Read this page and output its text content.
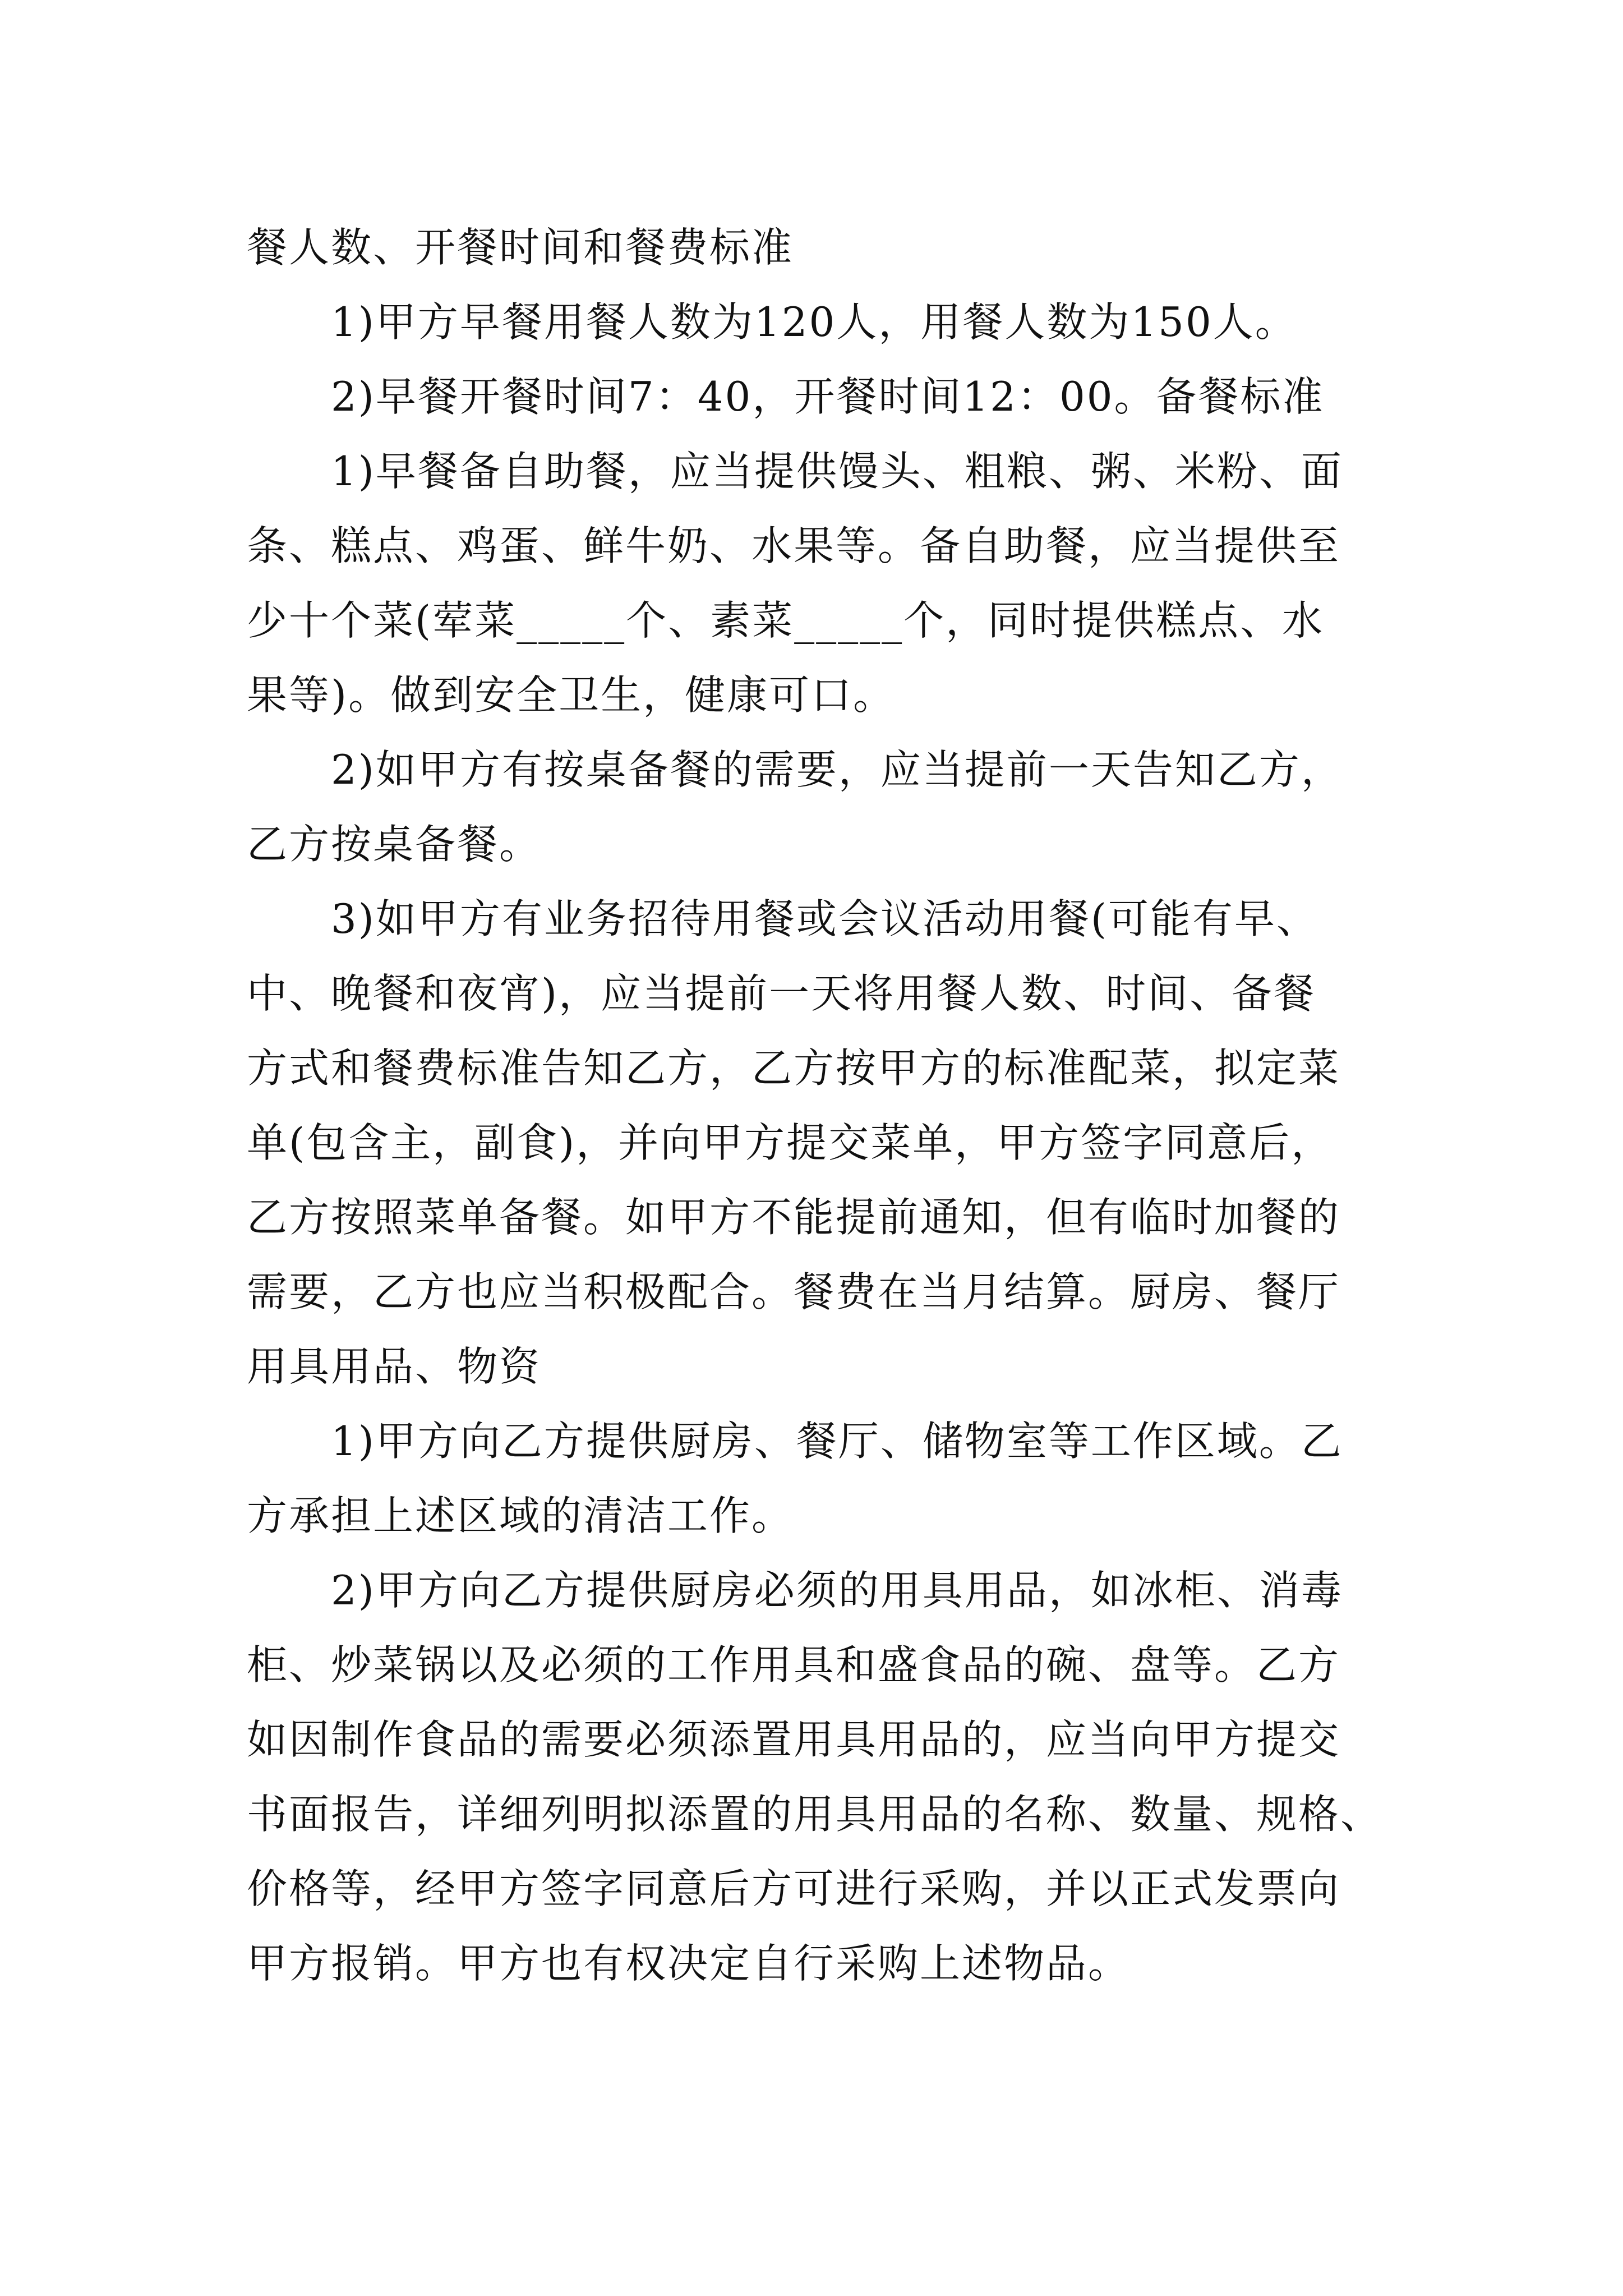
餐人数、开餐时间和餐费标准
1)甲方早餐用餐人数为120人，用餐人数为150人。
2)早餐开餐时间7：40，开餐时间12：00。备餐标准
1)早餐备自助餐，应当提供馒头、粗粮、粥、米粉、面
条、糕点、鸡蛋、鲜牛奶、水果等。备自助餐，应当提供至
少十个菜(荤菜_____个、素菜_____个，同时提供糕点、水
果等)。做到安全卫生，健康可口。
2)如甲方有按桌备餐的需要，应当提前一天告知乙方，
乙方按桌备餐。
3)如甲方有业务招待用餐或会议活动用餐(可能有早、
中、晚餐和夜宵)，应当提前一天将用餐人数、时间、备餐
方式和餐费标准告知乙方，乙方按甲方的标准配菜，拟定菜
单(包含主，副食)，并向甲方提交菜单，甲方签字同意后，
乙方按照菜单备餐。如甲方不能提前通知，但有临时加餐的
需要，乙方也应当积极配合。餐费在当月结算。厨房、餐厅
用具用品、物资
1)甲方向乙方提供厨房、餐厅、储物室等工作区域。乙
方承担上述区域的清洁工作。
2)甲方向乙方提供厨房必须的用具用品，如冰柜、消毒
柜、炒菜锅以及必须的工作用具和盛食品的碗、盘等。乙方
如因制作食品的需要必须添置用具用品的，应当向甲方提交
书面报告，详细列明拟添置的用具用品的名称、数量、规格、
价格等，经甲方签字同意后方可进行采购，并以正式发票向
甲方报销。甲方也有权决定自行采购上述物品。
